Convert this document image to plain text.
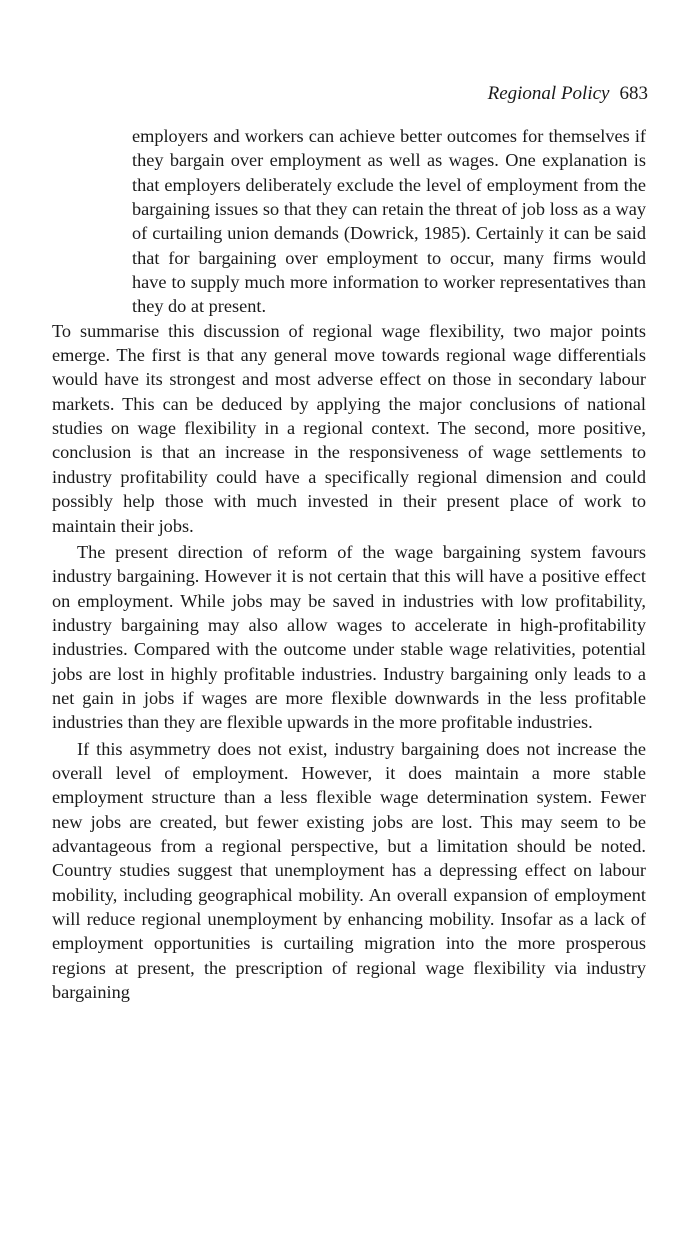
Regional Policy 683

employers and workers can achieve better outcomes for themselves if they bargain over employment as well as wages. One explanation is that employers deliberately exclude the level of employment from the bargaining issues so that they can retain the threat of job loss as a way of curtailing union demands (Dowrick, 1985). Certainly it can be said that for bargaining over employment to occur, many firms would have to supply much more information to worker representatives than they do at present.

To summarise this discussion of regional wage flexibility, two major points emerge. The first is that any general move towards regional wage differentials would have its strongest and most adverse effect on those in secondary labour markets. This can be deduced by applying the major conclusions of national studies on wage flexibility in a regional context. The second, more positive, conclusion is that an increase in the responsiveness of wage settlements to industry profitability could have a specifically regional dimension and could possibly help those with much invested in their present place of work to maintain their jobs.

The present direction of reform of the wage bargaining system favours industry bargaining. However it is not certain that this will have a positive effect on employment. While jobs may be saved in industries with low profitability, industry bargaining may also allow wages to accelerate in high-profitability industries. Compared with the outcome under stable wage relativities, potential jobs are lost in highly profitable industries. Industry bargaining only leads to a net gain in jobs if wages are more flexible downwards in the less profitable industries than they are flexible upwards in the more profitable industries.

If this asymmetry does not exist, industry bargaining does not increase the overall level of employment. However, it does maintain a more stable employment structure than a less flexible wage determination system. Fewer new jobs are created, but fewer existing jobs are lost. This may seem to be advantageous from a regional perspective, but a limitation should be noted. Country studies suggest that unemployment has a depressing effect on labour mobility, including geographical mobility. An overall expansion of employment will reduce regional unemployment by enhancing mobility. Insofar as a lack of employment opportunities is curtailing migration into the more prosperous regions at present, the prescription of regional wage flexibility via industry bargaining
